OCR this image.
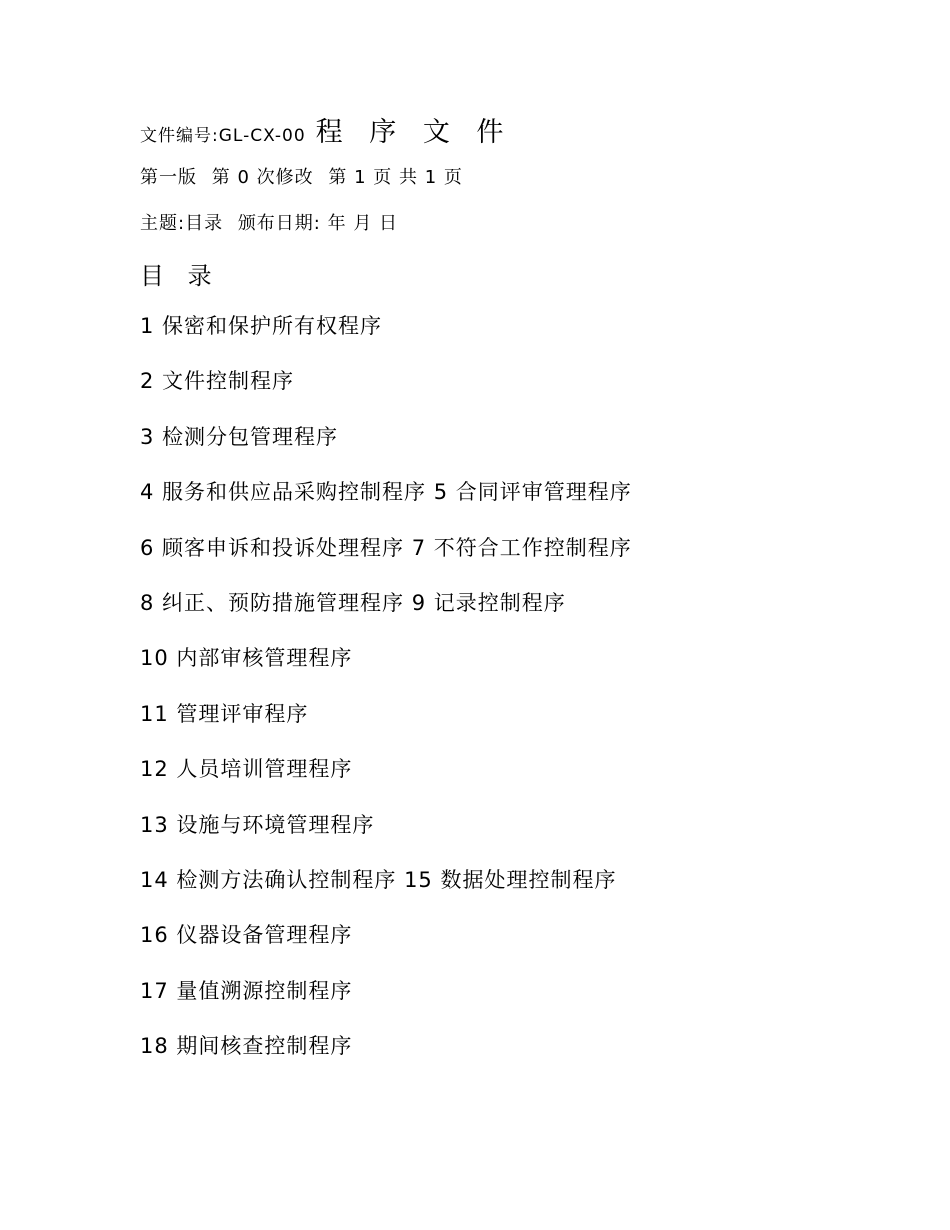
文件编号:GL-CX-00 程 序 文 件
第一版 第 0 次修改 第 1 页 共 1 页
主题:目录 颁布日期: 年 月 日
目 录
1 保密和保护所有权程序
2 文件控制程序
3 检测分包管理程序
4 服务和供应品采购控制程序 5 合同评审管理程序
6 顾客申诉和投诉处理程序 7 不符合工作控制程序
8 纠正、预防措施管理程序 9 记录控制程序
10 内部审核管理程序
11 管理评审程序
12 人员培训管理程序
13 设施与环境管理程序
14 检测方法确认控制程序 15 数据处理控制程序
16 仪器设备管理程序
17 量值溯源控制程序
18 期间核查控制程序
